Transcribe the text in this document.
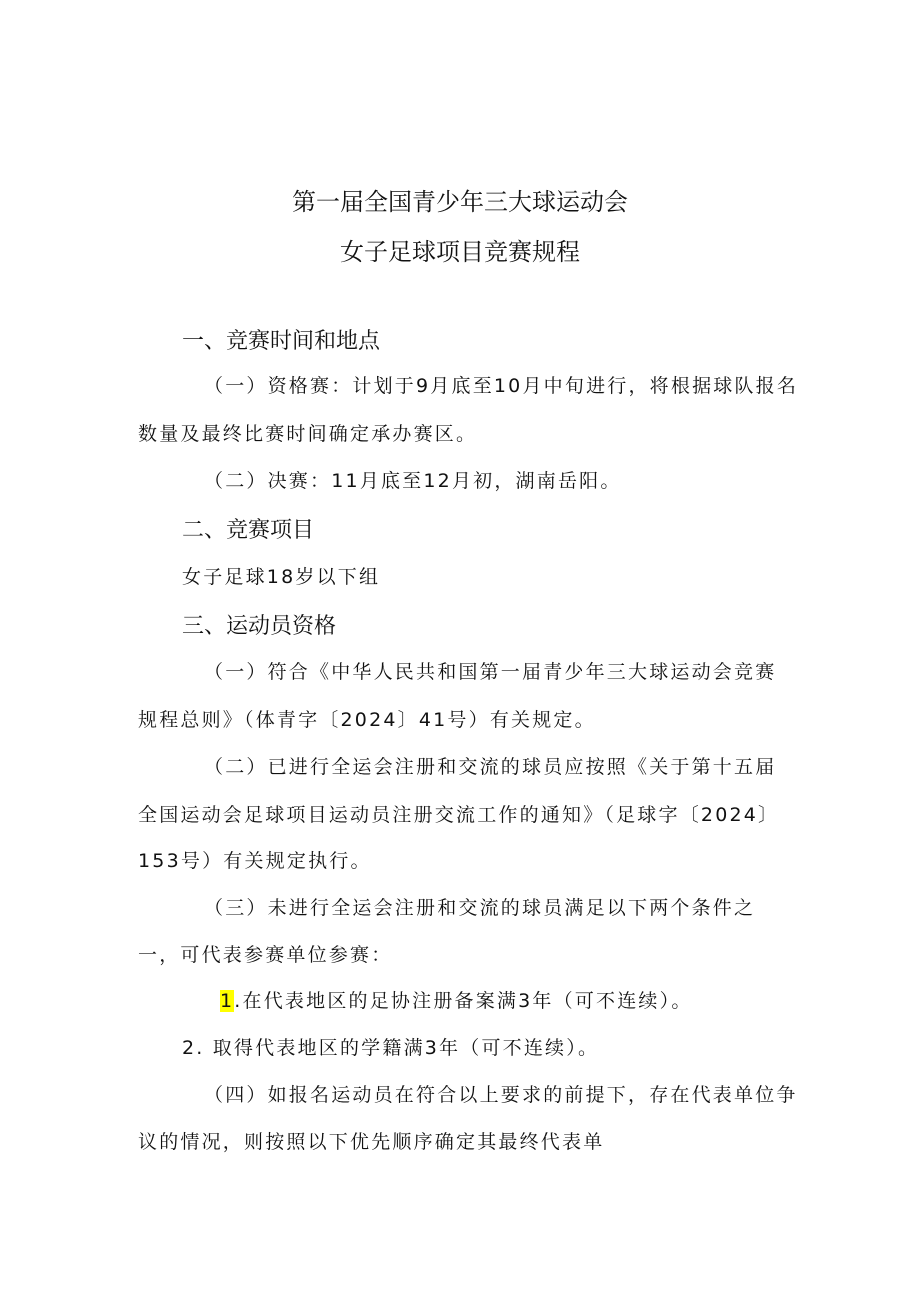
第一届全国青少年三大球运动会
女子足球项目竞赛规程
一、竞赛时间和地点
（一）资格赛：计划于9月底至10月中旬进行，将根据球队报名
数量及最终比赛时间确定承办赛区。
（二）决赛：11月底至12月初，湖南岳阳。
二、竞赛项目
女子足球18岁以下组
三、运动员资格
（一）符合《中华人民共和国第一届青少年三大球运动会竞赛
规程总则》（体青字〔2024〕41号）有关规定。
（二）已进行全运会注册和交流的球员应按照《关于第十五届
全国运动会足球项目运动员注册交流工作的通知》（足球字〔2024〕
153号）有关规定执行。
（三）未进行全运会注册和交流的球员满足以下两个条件之
一，可代表参赛单位参赛：
1.在代表地区的足协注册备案满3年（可不连续）。
2. 取得代表地区的学籍满3年（可不连续）。
（四）如报名运动员在符合以上要求的前提下，存在代表单位争
议的情况，则按照以下优先顺序确定其最终代表单
